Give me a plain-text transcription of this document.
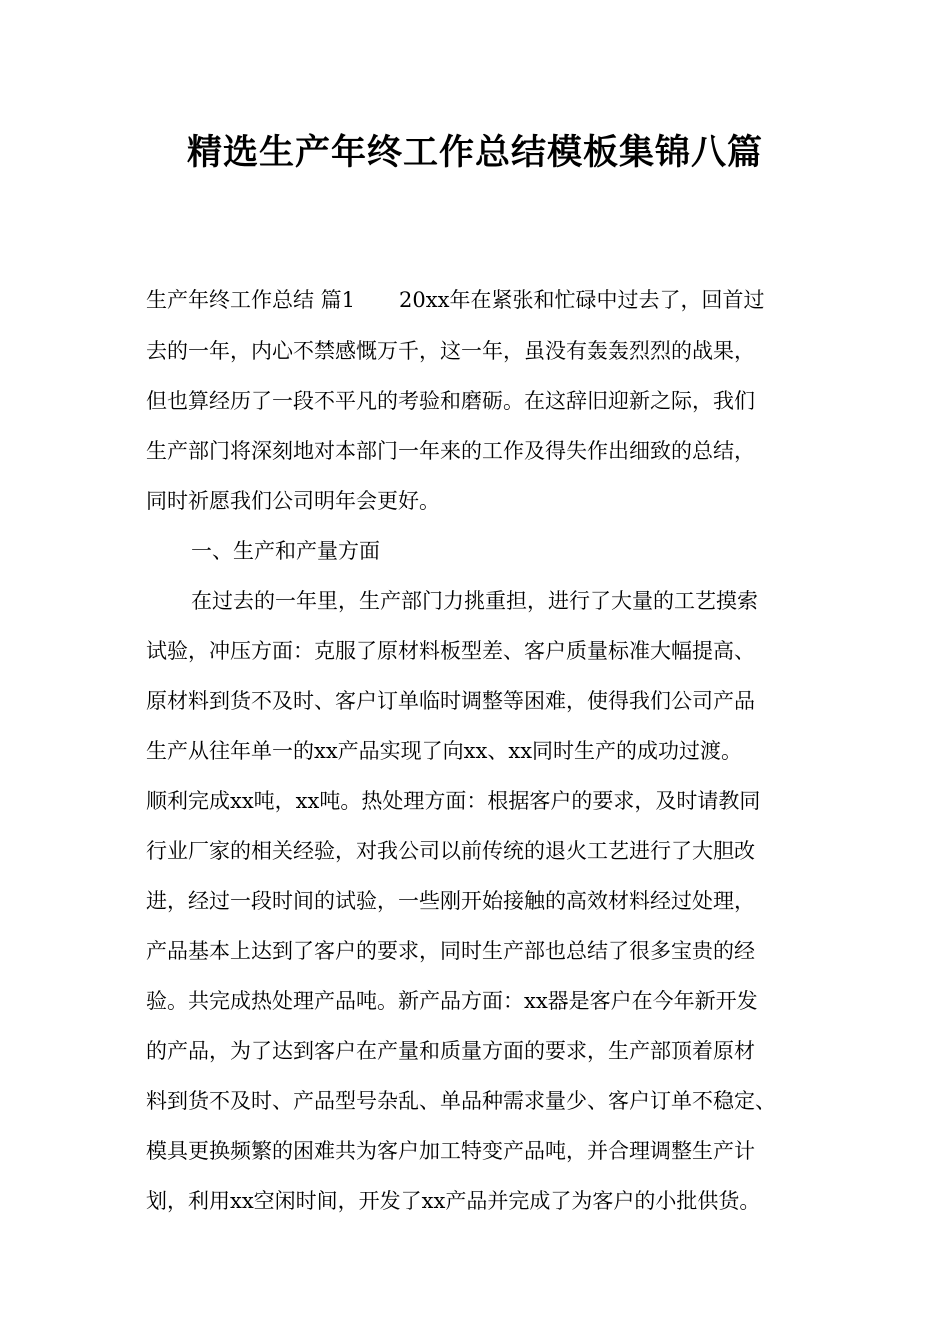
精选生产年终工作总结模板集锦八篇
生产年终工作总结 篇1 20xx年在紧张和忙碌中过去了，回首过
去的一年，内心不禁感慨万千，这一年，虽没有轰轰烈烈的战果，
但也算经历了一段不平凡的考验和磨砺。在这辞旧迎新之际，我们
生产部门将深刻地对本部门一年来的工作及得失作出细致的总结，
同时祈愿我们公司明年会更好。
一、生产和产量方面
在过去的一年里，生产部门力挑重担，进行了大量的工艺摸索
试验，冲压方面：克服了原材料板型差、客户质量标准大幅提高、
原材料到货不及时、客户订单临时调整等困难，使得我们公司产品
生产从往年单一的xx产品实现了向xx、xx同时生产的成功过渡。
顺利完成xx吨，xx吨。热处理方面：根据客户的要求，及时请教同
行业厂家的相关经验，对我公司以前传统的退火工艺进行了大胆改
进，经过一段时间的试验，一些刚开始接触的高效材料经过处理，
产品基本上达到了客户的要求，同时生产部也总结了很多宝贵的经
验。共完成热处理产品吨。新产品方面：xx器是客户在今年新开发
的产品，为了达到客户在产量和质量方面的要求，生产部顶着原材
料到货不及时、产品型号杂乱、单品种需求量少、客户订单不稳定、
模具更换频繁的困难共为客户加工特变产品吨，并合理调整生产计
划，利用xx空闲时间，开发了xx产品并完成了为客户的小批供货。
